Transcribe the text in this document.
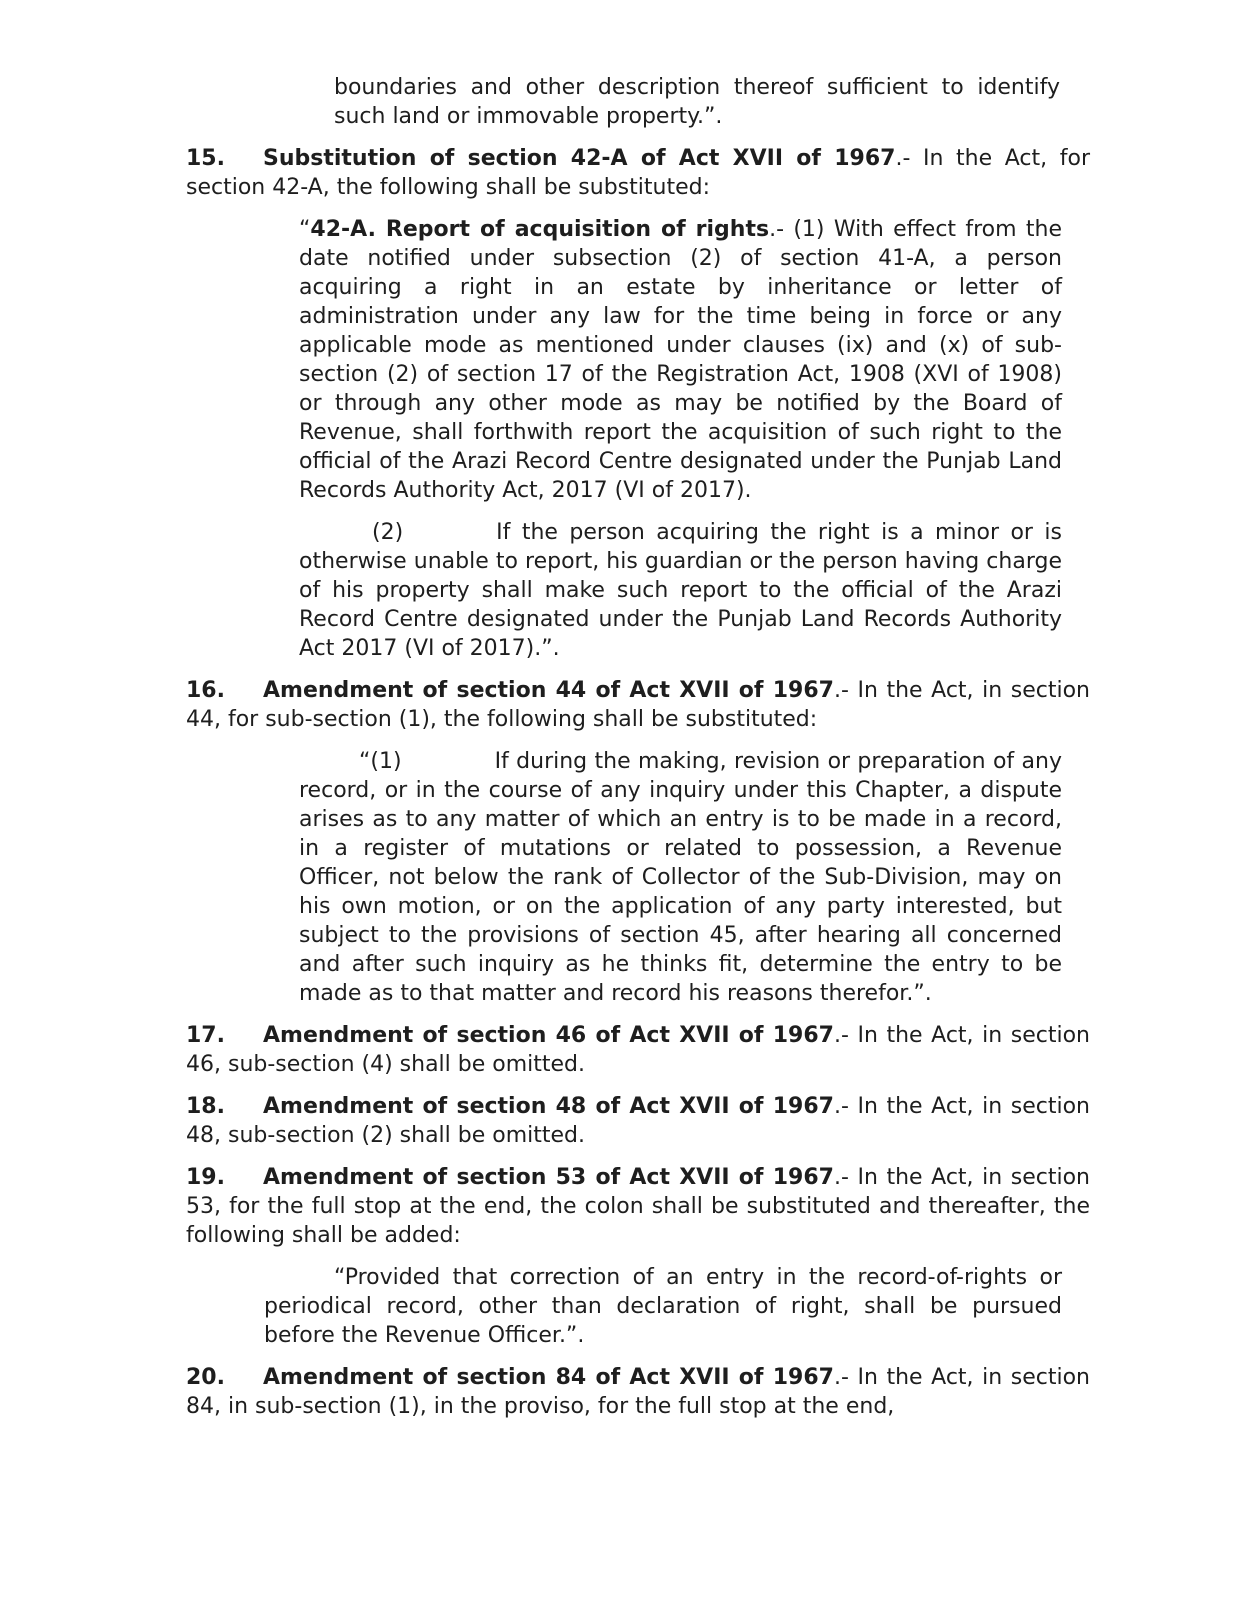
boundaries and other description thereof sufficient to identify such land or immovable property.”.

15. Substitution of section 42-A of Act XVII of 1967.- In the Act, for section 42-A, the following shall be substituted:

“42-A. Report of acquisition of rights.- (1) With effect from the date notified under subsection (2) of section 41-A, a person acquiring a right in an estate by inheritance or letter of administration under any law for the time being in force or any applicable mode as mentioned under clauses (ix) and (x) of sub-section (2) of section 17 of the Registration Act, 1908 (XVI of 1908) or through any other mode as may be notified by the Board of Revenue, shall forthwith report the acquisition of such right to the official of the Arazi Record Centre designated under the Punjab Land Records Authority Act, 2017 (VI of 2017).

(2)	If the person acquiring the right is a minor or is otherwise unable to report, his guardian or the person having charge of his property shall make such report to the official of the Arazi Record Centre designated under the Punjab Land Records Authority Act 2017 (VI of 2017).”.

16. Amendment of section 44 of Act XVII of 1967.- In the Act, in section 44, for sub-section (1), the following shall be substituted:

“(1)	If during the making, revision or preparation of any record, or in the course of any inquiry under this Chapter, a dispute arises as to any matter of which an entry is to be made in a record, in a register of mutations or related to possession, a Revenue Officer, not below the rank of Collector of the Sub-Division, may on his own motion, or on the application of any party interested, but subject to the provisions of section 45, after hearing all concerned and after such inquiry as he thinks fit, determine the entry to be made as to that matter and record his reasons therefor.”.

17. Amendment of section 46 of Act XVII of 1967.- In the Act, in section 46, sub-section (4) shall be omitted.

18. Amendment of section 48 of Act XVII of 1967.- In the Act, in section 48, sub-section (2) shall be omitted.

19. Amendment of section 53 of Act XVII of 1967.- In the Act, in section 53, for the full stop at the end, the colon shall be substituted and thereafter, the following shall be added:

“Provided that correction of an entry in the record-of-rights or periodical record, other than declaration of right, shall be pursued before the Revenue Officer.”.

20. Amendment of section 84 of Act XVII of 1967.- In the Act, in section 84, in sub-section (1), in the proviso, for the full stop at the end,
